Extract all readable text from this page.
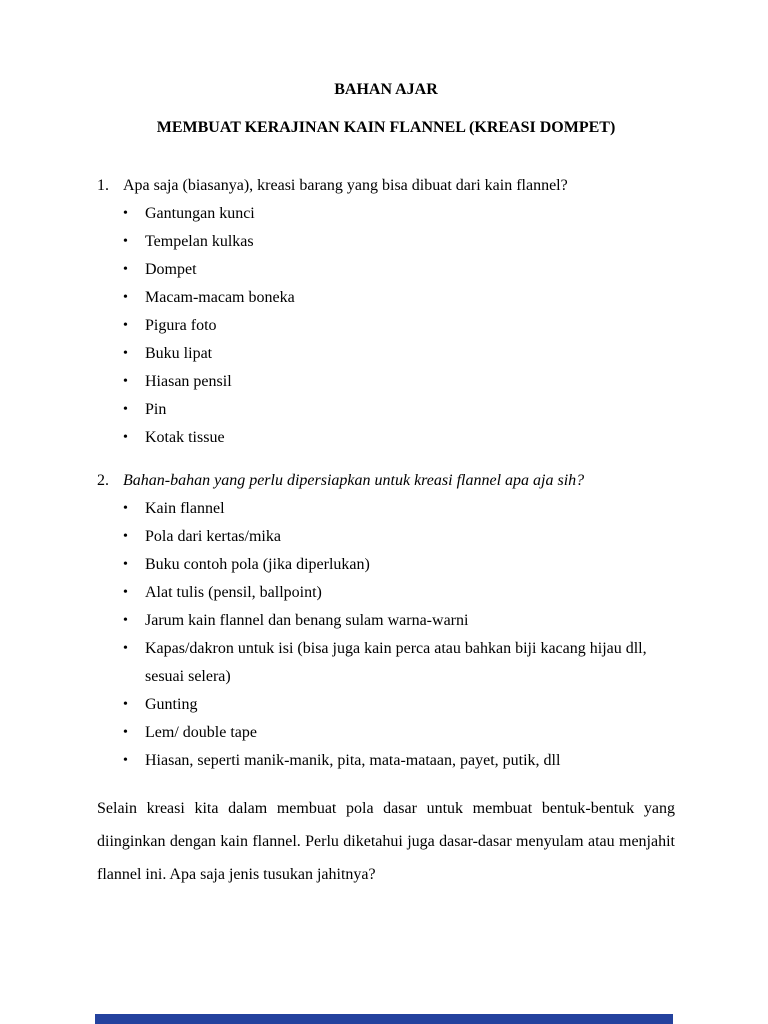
BAHAN AJAR
MEMBUAT KERAJINAN KAIN FLANNEL (KREASI DOMPET)
1. Apa saja (biasanya), kreasi barang yang bisa dibuat dari kain flannel?
•	Gantungan kunci
•	Tempelan kulkas
•	Dompet
•	Macam-macam boneka
•	Pigura foto
•	Buku lipat
•	Hiasan pensil
•	Pin
•	Kotak tissue
2. Bahan-bahan yang perlu dipersiapkan untuk kreasi flannel apa aja sih?
•	Kain flannel
•	Pola dari kertas/mika
•	Buku contoh pola (jika diperlukan)
•	Alat tulis (pensil, ballpoint)
•	Jarum kain flannel dan benang sulam warna-warni
•	Kapas/dakron untuk isi (bisa juga kain perca atau bahkan biji kacang hijau dll, sesuai selera)
•	Gunting
•	Lem/ double tape
•	Hiasan, seperti manik-manik, pita, mata-mataan, payet, putik, dll

Selain kreasi kita dalam membuat pola dasar untuk membuat bentuk-bentuk yang diinginkan dengan kain flannel. Perlu diketahui juga dasar-dasar menyulam atau menjahit flannel ini. Apa saja jenis tusukan jahitnya?
